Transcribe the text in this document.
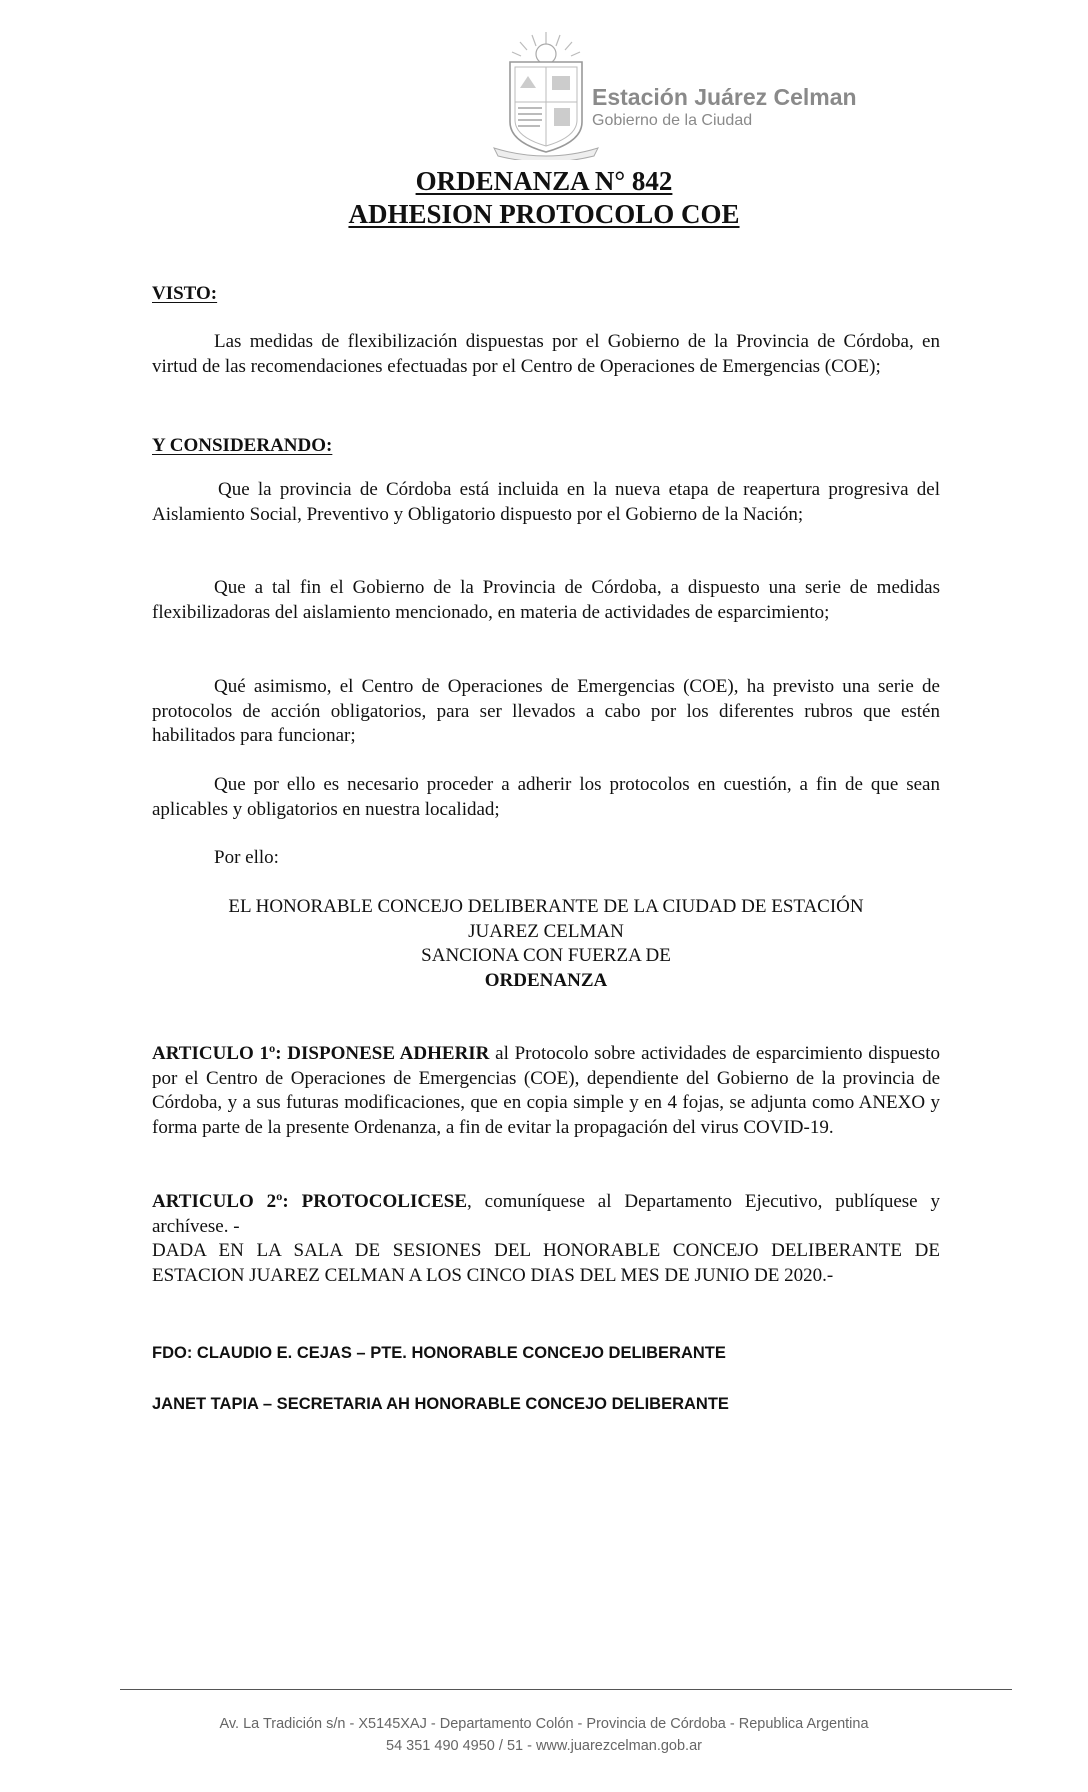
Estación Juárez Celman
Gobierno de la Ciudad
ORDENANZA N° 842
ADHESION PROTOCOLO COE
VISTO:

Las medidas de flexibilización dispuestas por el Gobierno de la Provincia de Córdoba, en virtud de las recomendaciones efectuadas por el Centro de Operaciones de Emergencias (COE);

Y CONSIDERANDO:

Que la provincia de Córdoba está incluida en la nueva etapa de reapertura progresiva del Aislamiento Social, Preventivo y Obligatorio dispuesto por el Gobierno de la Nación;

Que a tal fin el Gobierno de la Provincia de Córdoba, a dispuesto una serie de medidas flexibilizadoras del aislamiento mencionado, en materia de actividades de esparcimiento;

Qué asimismo, el Centro de Operaciones de Emergencias (COE), ha previsto una serie de protocolos de acción obligatorios, para ser llevados a cabo por los diferentes rubros que estén habilitados para funcionar;

Que por ello es necesario proceder a adherir los protocolos en cuestión, a fin de que sean aplicables y obligatorios en nuestra localidad;

Por ello:

EL HONORABLE CONCEJO DELIBERANTE DE LA CIUDAD DE ESTACIÓN
JUAREZ CELMAN
SANCIONA CON FUERZA DE
ORDENANZA

ARTICULO 1º: DISPONESE ADHERIR al Protocolo sobre actividades de esparcimiento dispuesto por el Centro de Operaciones de Emergencias (COE), dependiente del Gobierno de la provincia de Córdoba, y a sus futuras modificaciones, que en copia simple y en 4 fojas, se adjunta como ANEXO y forma parte de la presente Ordenanza, a fin de evitar la propagación del virus COVID-19.

ARTICULO 2º: PROTOCOLICESE, comuníquese al Departamento Ejecutivo, publíquese y archívese. -

DADA EN LA SALA DE SESIONES DEL HONORABLE CONCEJO DELIBERANTE DE ESTACION JUAREZ CELMAN A LOS CINCO DIAS DEL MES DE JUNIO DE 2020.-

FDO: CLAUDIO E. CEJAS – PTE. HONORABLE CONCEJO DELIBERANTE
JANET TAPIA – SECRETARIA AH HONORABLE CONCEJO DELIBERANTE
Av. La Tradición s/n - X5145XAJ - Departamento Colón - Provincia de Córdoba - Republica Argentina
54 351 490 4950 / 51 - www.juarezcelman.gob.ar
